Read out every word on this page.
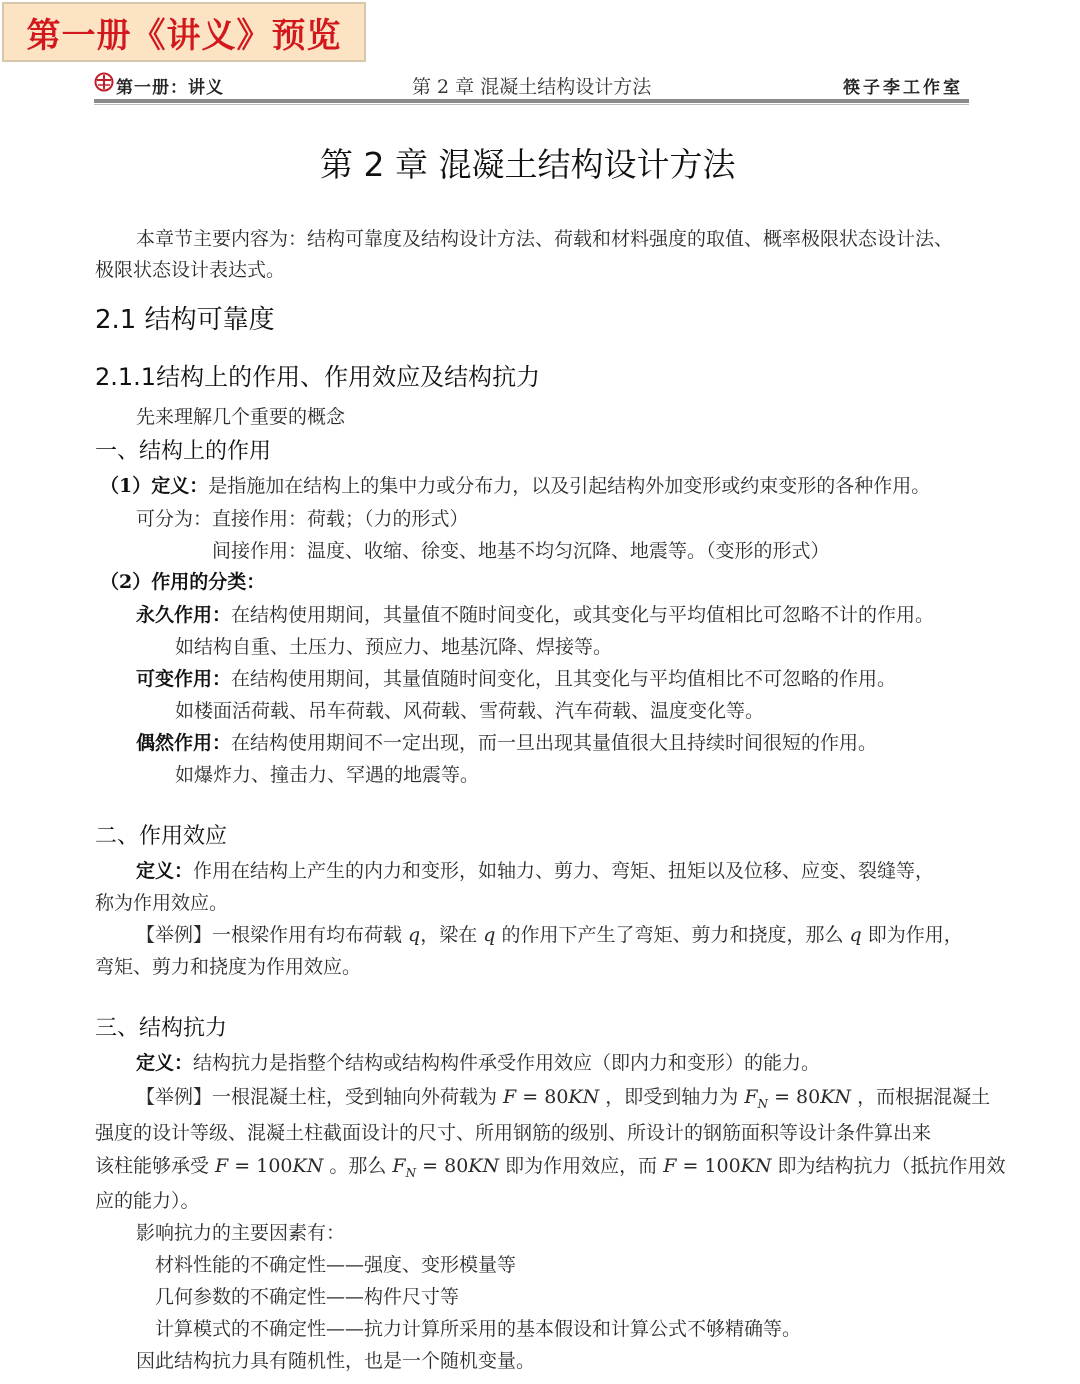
第一册《讲义》预览
第一册：讲义	第 2 章 混凝土结构设计方法	筷子李工作室
第 2 章 混凝土结构设计方法
本章节主要内容为：结构可靠度及结构设计方法、荷载和材料强度的取值、概率极限状态设计法、
极限状态设计表达式。
2.1 结构可靠度
2.1.1结构上的作用、作用效应及结构抗力
先来理解几个重要的概念
一、结构上的作用
（1）定义：是指施加在结构上的集中力或分布力，以及引起结构外加变形或约束变形的各种作用。
可分为：直接作用：荷载；（力的形式）
间接作用：温度、收缩、徐变、地基不均匀沉降、地震等。（变形的形式）
（2）作用的分类：
永久作用：在结构使用期间，其量值不随时间变化，或其变化与平均值相比可忽略不计的作用。
如结构自重、土压力、预应力、地基沉降、焊接等。
可变作用：在结构使用期间，其量值随时间变化，且其变化与平均值相比不可忽略的作用。
如楼面活荷载、吊车荷载、风荷载、雪荷载、汽车荷载、温度变化等。
偶然作用：在结构使用期间不一定出现，而一旦出现其量值很大且持续时间很短的作用。
如爆炸力、撞击力、罕遇的地震等。
二、作用效应
定义：作用在结构上产生的内力和变形，如轴力、剪力、弯矩、扭矩以及位移、应变、裂缝等，
称为作用效应。
【举例】一根梁作用有均布荷载 q，梁在 q 的作用下产生了弯矩、剪力和挠度，那么 q 即为作用，
弯矩、剪力和挠度为作用效应。
三、结构抗力
定义：结构抗力是指整个结构或结构构件承受作用效应（即内力和变形）的能力。
【举例】一根混凝土柱，受到轴向外荷载为 F = 80KN ，即受到轴力为 $F_N = 80KN$ ，而根据混凝土
强度的设计等级、混凝土柱截面设计的尺寸、所用钢筋的级别、所设计的钢筋面积等设计条件算出来
该柱能够承受 F = 100KN 。那么 $F_N = 80KN$ 即为作用效应，而 F = 100KN 即为结构抗力（抵抗作用效
应的能力）。
影响抗力的主要因素有：
材料性能的不确定性——强度、变形模量等
几何参数的不确定性——构件尺寸等
计算模式的不确定性——抗力计算所采用的基本假设和计算公式不够精确等。
因此结构抗力具有随机性，也是一个随机变量。
